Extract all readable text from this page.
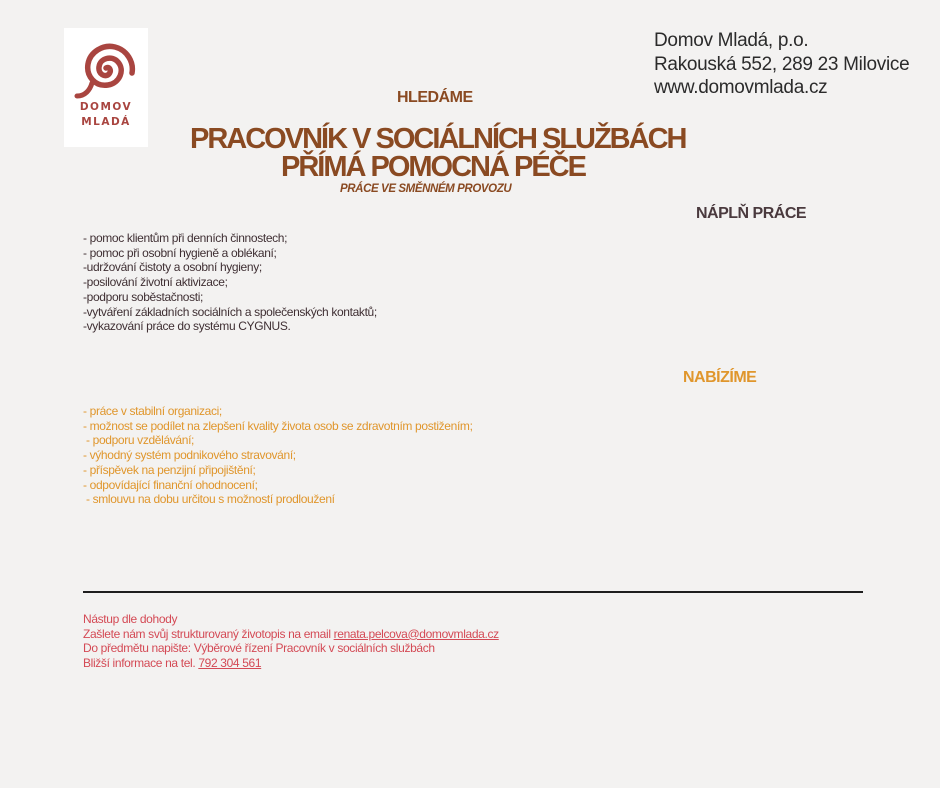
DOMOV
MLADÁ
Domov Mladá, p.o.
Rakouská 552, 289 23 Milovice
www.domovmlada.cz
HLEDÁME
PRACOVNÍK V SOCIÁLNÍCH SLUŽBÁCH
PŘÍMÁ POMOCNÁ PÉČE
PRÁCE VE SMĚNNÉM PROVOZU
NÁPLŇ PRÁCE
- pomoc klientům při denních činnostech;
- pomoc při osobní hygieně a oblékaní;
-udržování čistoty a osobní hygieny;
-posilování životní aktivizace;
-podporu soběstačnosti;
-vytváření základních sociálních a společenských kontaktů;
-vykazování práce do systému CYGNUS.
NABÍZÍME
- práce v stabilní organizaci;
- možnost se podílet na zlepšení kvality života osob se zdravotním postižením;
- podporu vzdělávání;
- výhodný systém podnikového stravování;
- příspěvek na penzijní připojištění;
- odpovídající finanční ohodnocení;
- smlouvu na dobu určitou s možností prodloužení
Nástup dle dohody
Zašlete nám svůj strukturovaný životopis na email renata.pelcova@domovmlada.cz
Do předmětu napište: Výběrové řízení Pracovník v sociálních službách
Bližší informace na tel. 792 304 561
